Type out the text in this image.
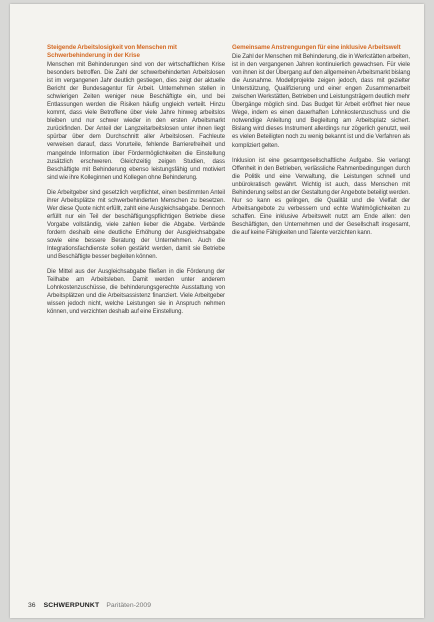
Steigende Arbeitslosigkeit von Menschen mit Schwerbehinderung in der Krise

Menschen mit Behinderungen sind von der wirtschaftlichen Krise besonders betroffen. Die Zahl der schwerbehinderten Arbeitslosen ist im vergangenen Jahr deutlich gestiegen, dies zeigt der aktuelle Bericht der Bundesagentur für Arbeit. Unternehmen stellen in schwierigen Zeiten weniger neue Beschäftigte ein, und bei Entlassungen werden die Risiken häufig ungleich verteilt. Hinzu kommt, dass viele Betroffene über viele Jahre hinweg arbeitslos bleiben und nur schwer wieder in den ersten Arbeitsmarkt zurückfinden. Der Anteil der Langzeitarbeitslosen unter ihnen liegt spürbar über dem Durchschnitt aller Arbeitslosen. Fachleute verweisen darauf, dass Vorurteile, fehlende Barrierefreiheit und mangelnde Information über Fördermöglichkeiten die Einstellung zusätzlich erschweren. Gleichzeitig zeigen Studien, dass Beschäftigte mit Behinderung ebenso leistungsfähig und motiviert sind wie ihre Kolleginnen und Kollegen ohne Behinderung.

Die Arbeitgeber sind gesetzlich verpflichtet, einen bestimmten Anteil ihrer Arbeitsplätze mit schwerbehinderten Menschen zu besetzen. Wer diese Quote nicht erfüllt, zahlt eine Ausgleichsabgabe. Dennoch erfüllt nur ein Teil der beschäftigungspflichtigen Betriebe diese Vorgabe vollständig, viele zahlen lieber die Abgabe. Verbände fordern deshalb eine deutliche Erhöhung der Ausgleichsabgabe sowie eine bessere Beratung der Unternehmen. Auch die Integrationsfachdienste sollen gestärkt werden, damit sie Betriebe und Beschäftigte besser begleiten können.

Die Mittel aus der Ausgleichsabgabe fließen in die Förderung der Teilhabe am Arbeitsleben. Damit werden unter anderem Lohnkostenzuschüsse, die behinderungsgerechte Ausstattung von Arbeitsplätzen und die Arbeitsassistenz finanziert. Viele Arbeitgeber wissen jedoch nicht, welche Leistungen sie in Anspruch nehmen können, und verzichten deshalb auf eine Einstellung.

Gemeinsame Anstrengungen für eine inklusive Arbeitswelt

Die Zahl der Menschen mit Behinderung, die in Werkstätten arbeiten, ist in den vergangenen Jahren kontinuierlich gewachsen. Für viele von ihnen ist der Übergang auf den allgemeinen Arbeitsmarkt bislang die Ausnahme. Modellprojekte zeigen jedoch, dass mit gezielter Unterstützung, Qualifizierung und einer engen Zusammenarbeit zwischen Werkstätten, Betrieben und Leistungsträgern deutlich mehr Übergänge möglich sind. Das Budget für Arbeit eröffnet hier neue Wege, indem es einen dauerhaften Lohnkostenzuschuss und die notwendige Anleitung und Begleitung am Arbeitsplatz sichert. Bislang wird dieses Instrument allerdings nur zögerlich genutzt, weil es vielen Beteiligten noch zu wenig bekannt ist und die Verfahren als kompliziert gelten.

Inklusion ist eine gesamtgesellschaftliche Aufgabe. Sie verlangt Offenheit in den Betrieben, verlässliche Rahmenbedingungen durch die Politik und eine Verwaltung, die Leistungen schnell und unbürokratisch gewährt. Wichtig ist auch, dass Menschen mit Behinderung selbst an der Gestaltung der Angebote beteiligt werden. Nur so kann es gelingen, die Qualität und die Vielfalt der Arbeitsangebote zu verbessern und echte Wahlmöglichkeiten zu schaffen. Eine inklusive Arbeitswelt nutzt am Ende allen: den Beschäftigten, den Unternehmen und der Gesellschaft insgesamt, die auf keine Fähigkeiten und Talente verzichten kann.

36 SCHWERPUNKT Paritäten-2009
